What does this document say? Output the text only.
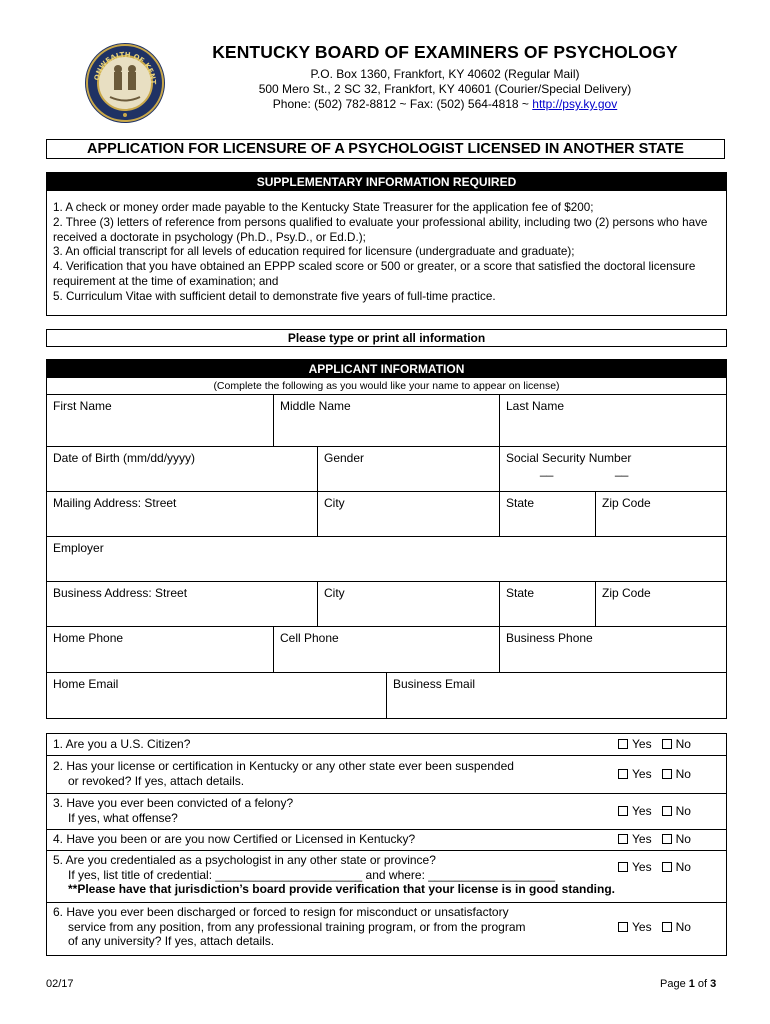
ONWEALTH OF KENT
KENTUCKY BOARD OF EXAMINERS OF PSYCHOLOGY
P.O. Box 1360, Frankfort, KY 40602 (Regular Mail)
500 Mero St., 2 SC 32, Frankfort, KY 40601 (Courier/Special Delivery)
Phone: (502) 782-8812 ~ Fax: (502) 564-4818 ~ http://psy.ky.gov
APPLICATION FOR LICENSURE OF A PSYCHOLOGIST LICENSED IN ANOTHER STATE
SUPPLEMENTARY INFORMATION REQUIRED
1. A check or money order made payable to the Kentucky State Treasurer for the application fee of $200;
2. Three (3) letters of reference from persons qualified to evaluate your professional ability, including two (2) persons who have received a doctorate in psychology (Ph.D., Psy.D., or Ed.D.);
3. An official transcript for all levels of education required for licensure (undergraduate and graduate);
4. Verification that you have obtained an EPPP scaled score or 500 or greater, or a score that satisfied the doctoral licensure requirement at the time of examination; and
5. Curriculum Vitae with sufficient detail to demonstrate five years of full-time practice.
Please type or print all information
APPLICANT INFORMATION
(Complete the following as you would like your name to appear on license)
First Name	Middle Name	Last Name
Date of Birth (mm/dd/yyyy)	Gender	Social Security Number
__	__
Mailing Address: Street	City	State	Zip Code
Employer
Business Address: Street	City	State	Zip Code
Home Phone	Cell Phone	Business Phone
Home Email	Business Email
1. Are you a U.S. Citizen?	Yes No
2. Has your license or certification in Kentucky or any other state ever been suspended
or revoked? If yes, attach details.	Yes No
3. Have you ever been convicted of a felony?
If yes, what offense?	Yes No
4. Have you been or are you now Certified or Licensed in Kentucky?	Yes No
5. Are you credentialed as a psychologist in any other state or province?
If yes, list title of credential: ______________________ and where: ___________________
**Please have that jurisdiction’s board provide verification that your license is in good standing.
Yes No
6. Have you ever been discharged or forced to resign for misconduct or unsatisfactory
service from any position, from any professional training program, or from the program
of any university? If yes, attach details.
Yes No
02/17	Page 1 of 3
